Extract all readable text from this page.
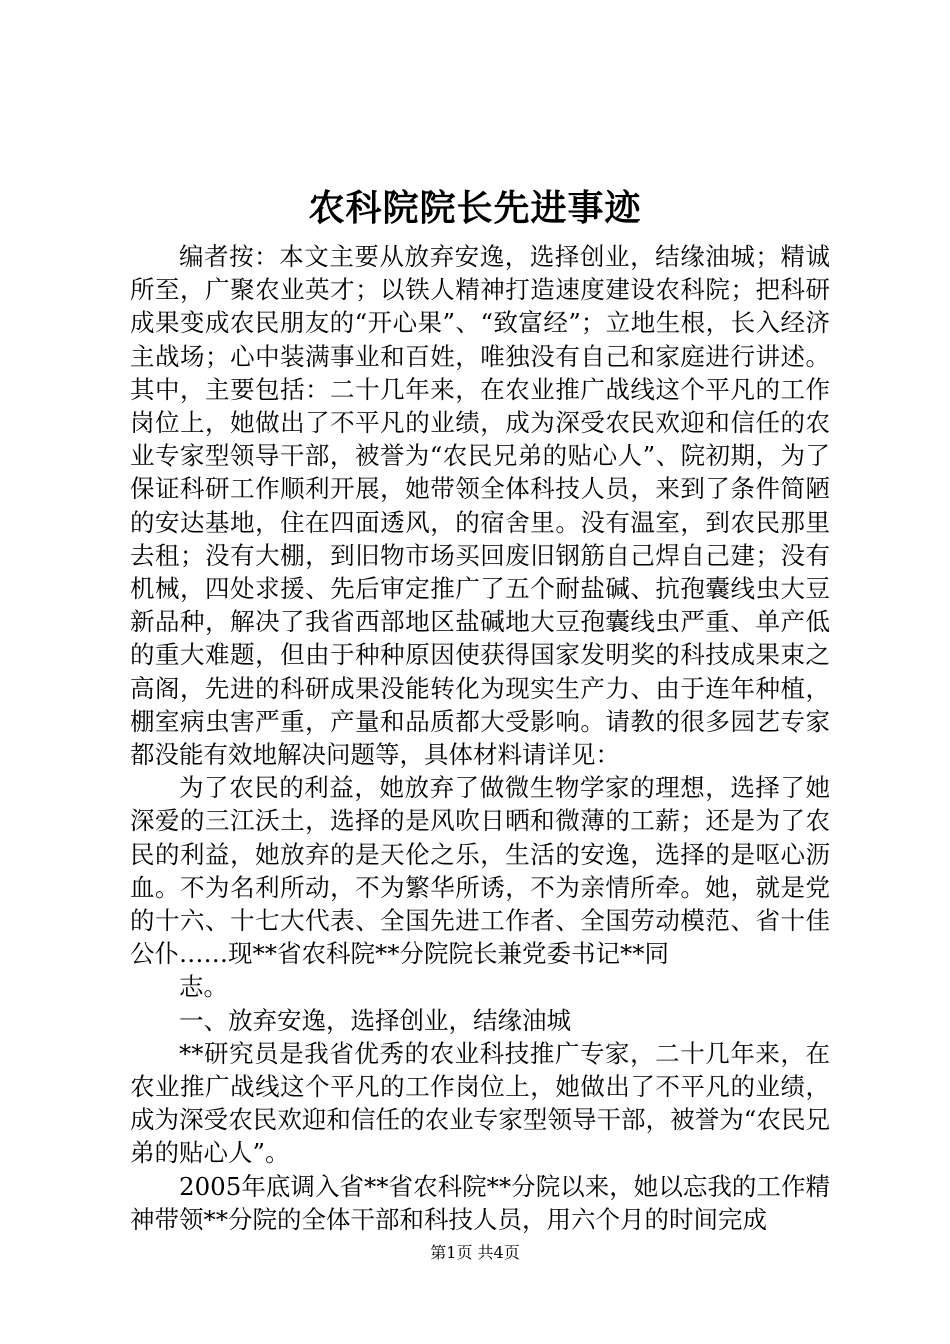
农科院院长先进事迹

编者按：本文主要从放弃安逸，选择创业，结缘油城；精诚所至，广聚农业英才；以铁人精神打造速度建设农科院；把科研成果变成农民朋友的“开心果”、“致富经”；立地生根，长入经济主战场；心中装满事业和百姓，唯独没有自己和家庭进行讲述。其中，主要包括：二十几年来，在农业推广战线这个平凡的工作岗位上，她做出了不平凡的业绩，成为深受农民欢迎和信任的农业专家型领导干部，被誉为“农民兄弟的贴心人”、院初期，为了保证科研工作顺利开展，她带领全体科技人员，来到了条件简陋的安达基地，住在四面透风，的宿舍里。没有温室，到农民那里去租；没有大棚，到旧物市场买回废旧钢筋自己焊自己建；没有机械，四处求援、先后审定推广了五个耐盐碱、抗孢囊线虫大豆新品种，解决了我省西部地区盐碱地大豆孢囊线虫严重、单产低的重大难题，但由于种种原因使获得国家发明奖的科技成果束之高阁，先进的科研成果没能转化为现实生产力、由于连年种植，棚室病虫害严重，产量和品质都大受影响。请教的很多园艺专家都没能有效地解决问题等，具体材料请详见：

为了农民的利益，她放弃了做微生物学家的理想，选择了她深爱的三江沃土，选择的是风吹日晒和微薄的工薪；还是为了农民的利益，她放弃的是天伦之乐，生活的安逸，选择的是呕心沥血。不为名利所动，不为繁华所诱，不为亲情所牵。她，就是党的十六、十七大代表、全国先进工作者、全国劳动模范、省十佳公仆……现**省农科院**分院院长兼党委书记**同

志。

一、放弃安逸，选择创业，结缘油城

**研究员是我省优秀的农业科技推广专家，二十几年来，在农业推广战线这个平凡的工作岗位上，她做出了不平凡的业绩，成为深受农民欢迎和信任的农业专家型领导干部，被誉为“农民兄弟的贴心人”。

2005年底调入省**省农科院**分院以来，她以忘我的工作精神带领**分院的全体干部和科技人员，用六个月的时间完成

第1页 共4页
